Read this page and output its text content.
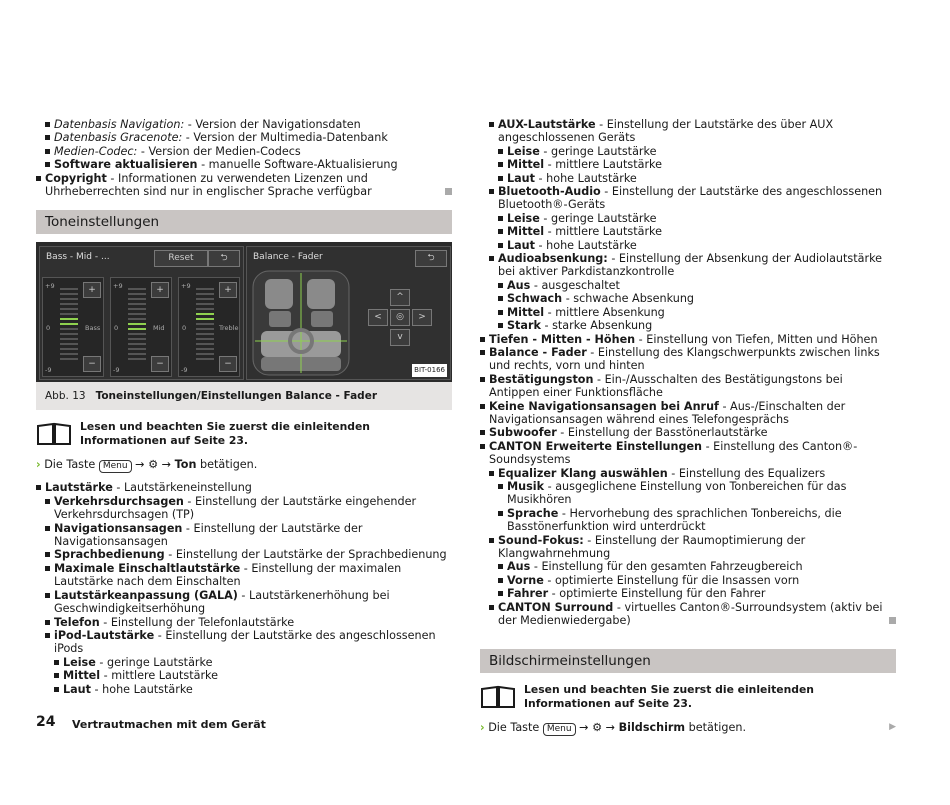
Datenbasis Navigation: - Version der Navigationsdaten
Datenbasis Gracenote: - Version der Multimedia-Datenbank
Medien-Codec: - Version der Medien-Codecs
Software aktualisieren - manuelle Software-Aktualisierung
Copyright - Informationen zu verwendeten Lizenzen und Uhrheberrechten sind nur in englischer Sprache verfügbar
Toneinstellungen
Bass - Mid - ...	Reset	⮌
+9
0
-9
Bass
+
−
+9
0
-9
Mid
+
−
+9
0
-9
Treble
+
−
Balance - Fader	⮌
^
<	◎	>
v
BIT-0166
Abb. 13 Toneinstellungen/Einstellungen Balance - Fader
Lesen und beachten Sie zuerst die einleitenden Informationen auf Seite 23.
› Die Taste Menu → ⚙ → Ton betätigen.
Lautstärke - Lautstärkeneinstellung
Verkehrsdurchsagen - Einstellung der Lautstärke eingehender Verkehrsdurchsagen (TP)
Navigationsansagen - Einstellung der Lautstärke der Navigationsansagen
Sprachbedienung - Einstellung der Lautstärke der Sprachbedienung
Maximale Einschaltlautstärke - Einstellung der maximalen Lautstärke nach dem Einschalten
Lautstärkeanpassung (GALA) - Lautstärkenerhöhung bei Geschwindigkeitserhöhung
Telefon - Einstellung der Telefonlautstärke
iPod-Lautstärke - Einstellung der Lautstärke des angeschlossenen iPods
Leise - geringe Lautstärke
Mittel - mittlere Lautstärke
Laut - hohe Lautstärke
AUX-Lautstärke - Einstellung der Lautstärke des über AUX angeschlossenen Geräts
Leise - geringe Lautstärke
Mittel - mittlere Lautstärke
Laut - hohe Lautstärke
Bluetooth-Audio - Einstellung der Lautstärke des angeschlossenen Bluetooth®-Geräts
Leise - geringe Lautstärke
Mittel - mittlere Lautstärke
Laut - hohe Lautstärke
Audioabsenkung: - Einstellung der Absenkung der Audiolautstärke bei aktiver Parkdistanzkontrolle
Aus - ausgeschaltet
Schwach - schwache Absenkung
Mittel - mittlere Absenkung
Stark - starke Absenkung
Tiefen - Mitten - Höhen - Einstellung von Tiefen, Mitten und Höhen
Balance - Fader - Einstellung des Klangschwerpunkts zwischen links und rechts, vorn und hinten
Bestätigungston - Ein-/Ausschalten des Bestätigungstons bei Antippen einer Funktionsfläche
Keine Navigationsansagen bei Anruf - Aus-/Einschalten der Navigationsansagen während eines Telefongesprächs
Subwoofer - Einstellung der Basstönerlautstärke
CANTON Erweiterte Einstellungen - Einstellung des Canton®-Soundsystems
Equalizer Klang auswählen - Einstellung des Equalizers
Musik - ausgeglichene Einstellung von Tonbereichen für das Musikhören
Sprache - Hervorhebung des sprachlichen Tonbereichs, die Basstönerfunktion wird unterdrückt
Sound-Fokus: - Einstellung der Raumoptimierung der Klangwahrnehmung
Aus - Einstellung für den gesamten Fahrzeugbereich
Vorne - optimierte Einstellung für die Insassen vorn
Fahrer - optimierte Einstellung für den Fahrer
CANTON Surround - virtuelles Canton®-Surroundsystem (aktiv bei der Medienwiedergabe)
Bildschirmeinstellungen
Lesen und beachten Sie zuerst die einleitenden Informationen auf Seite 23.
› Die Taste Menu → ⚙ → Bildschirm betätigen.	▶
24 Vertrautmachen mit dem Gerät
